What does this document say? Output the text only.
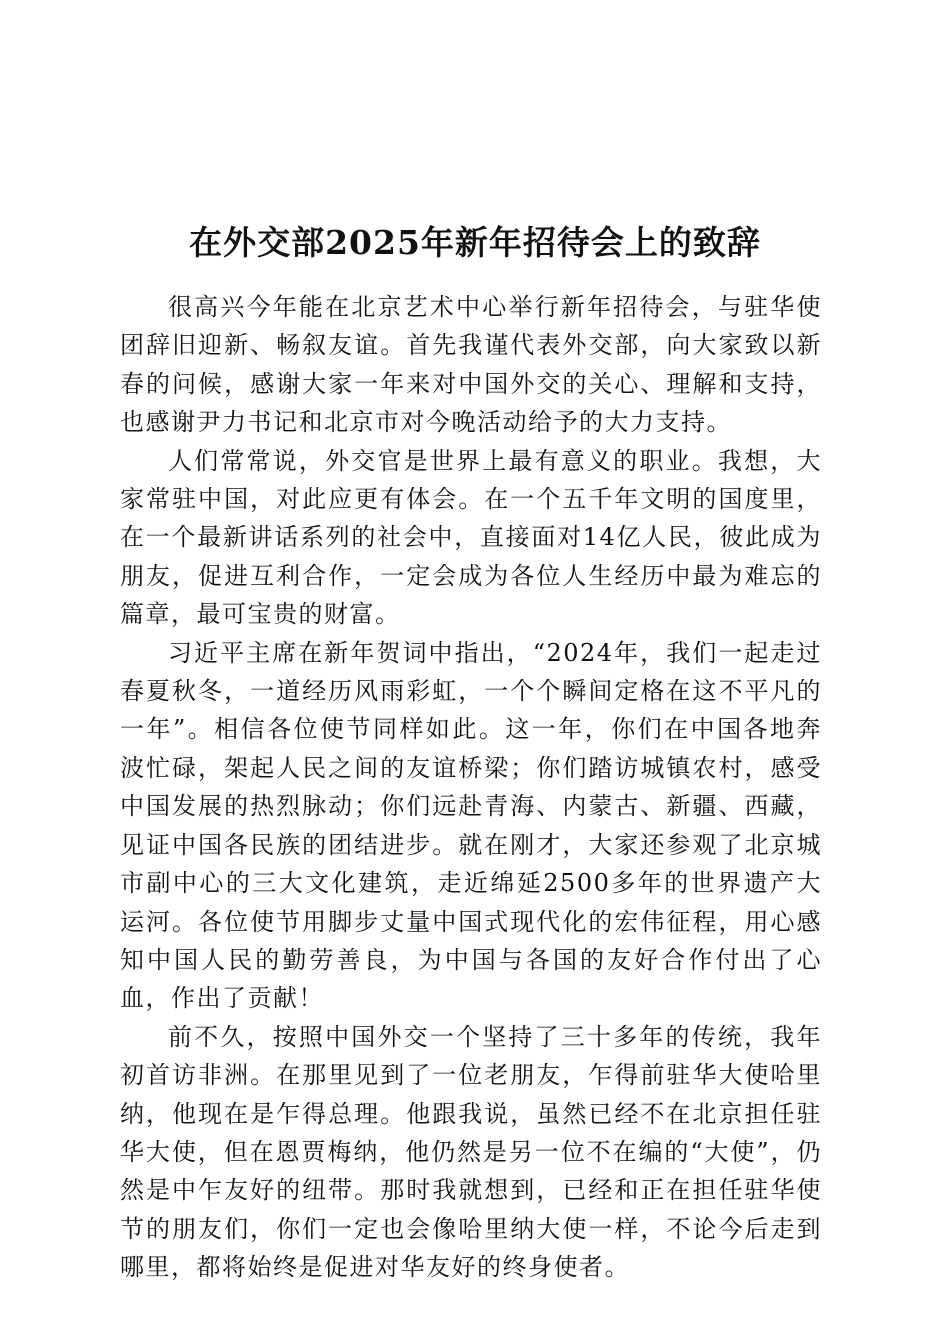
在外交部2025年新年招待会上的致辞

很高兴今年能在北京艺术中心举行新年招待会，与驻华使团辞旧迎新、畅叙友谊。首先我谨代表外交部，向大家致以新春的问候，感谢大家一年来对中国外交的关心、理解和支持，也感谢尹力书记和北京市对今晚活动给予的大力支持。

人们常常说，外交官是世界上最有意义的职业。我想，大家常驻中国，对此应更有体会。在一个五千年文明的国度里，在一个最新讲话系列的社会中，直接面对14亿人民，彼此成为朋友，促进互利合作，一定会成为各位人生经历中最为难忘的篇章，最可宝贵的财富。

习近平主席在新年贺词中指出，“2024年，我们一起走过春夏秋冬，一道经历风雨彩虹，一个个瞬间定格在这不平凡的一年”。相信各位使节同样如此。这一年，你们在中国各地奔波忙碌，架起人民之间的友谊桥梁；你们踏访城镇农村，感受中国发展的热烈脉动；你们远赴青海、内蒙古、新疆、西藏，见证中国各民族的团结进步。就在刚才，大家还参观了北京城市副中心的三大文化建筑，走近绵延2500多年的世界遗产大运河。各位使节用脚步丈量中国式现代化的宏伟征程，用心感知中国人民的勤劳善良，为中国与各国的友好合作付出了心血，作出了贡献！

前不久，按照中国外交一个坚持了三十多年的传统，我年初首访非洲。在那里见到了一位老朋友，乍得前驻华大使哈里纳，他现在是乍得总理。他跟我说，虽然已经不在北京担任驻华大使，但在恩贾梅纳，他仍然是另一位不在编的“大使”，仍然是中乍友好的纽带。那时我就想到，已经和正在担任驻华使节的朋友们，你们一定也会像哈里纳大使一样，不论今后走到哪里，都将始终是促进对华友好的终身使者。
